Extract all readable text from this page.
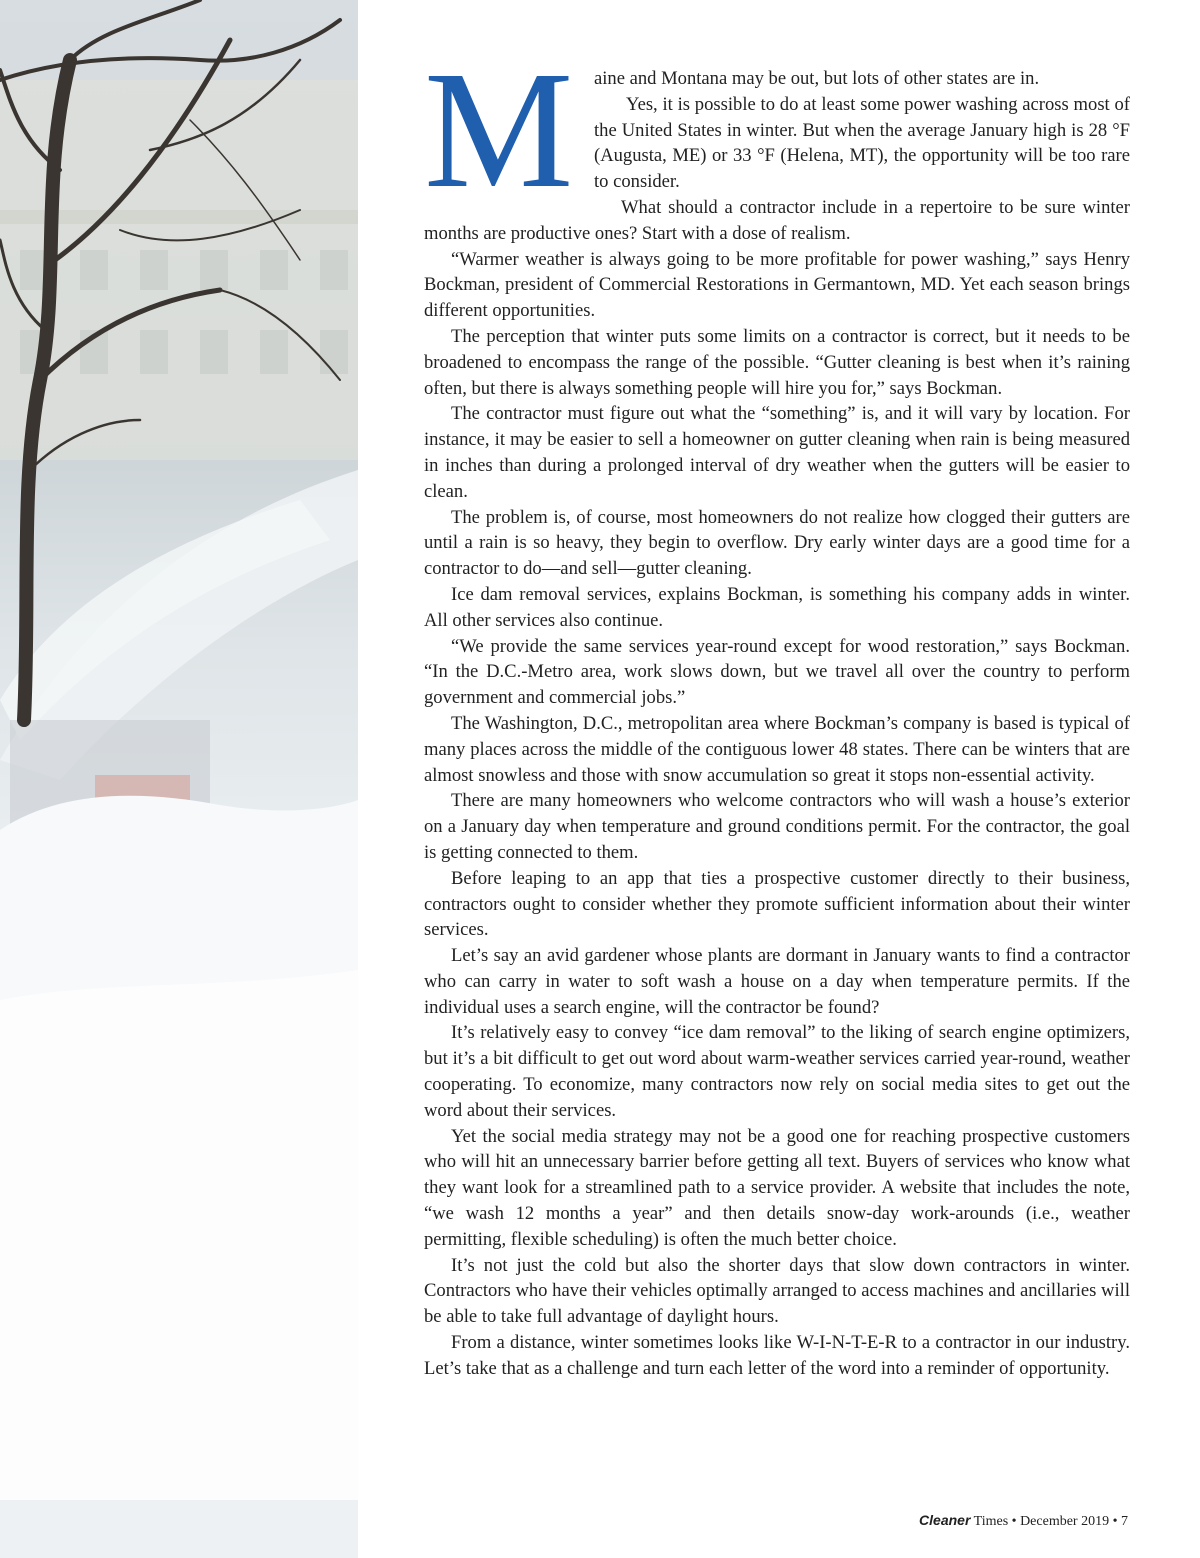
M	aine and Montana may be out, but lots of other states are in.

Yes, it is possible to do at least some power washing across most of the United States in winter. But when the average January high is 28 °F (Augusta, ME) or 33 °F (Helena, MT), the opportunity will be too rare to consider.

What should a contractor include in a repertoire to be sure winter months are productive ones? Start with a dose of realism.

“Warmer weather is always going to be more profitable for power washing,” says Henry Bockman, president of Commercial Restorations in Germantown, MD. Yet each season brings different opportunities.

The perception that winter puts some limits on a contractor is correct, but it needs to be broadened to encompass the range of the possible. “Gutter cleaning is best when it’s raining often, but there is always something people will hire you for,” says Bockman.

The contractor must figure out what the “something” is, and it will vary by location. For instance, it may be easier to sell a homeowner on gutter cleaning when rain is being measured in inches than during a prolonged interval of dry weather when the gutters will be easier to clean.

The problem is, of course, most homeowners do not realize how clogged their gutters are until a rain is so heavy, they begin to overflow. Dry early winter days are a good time for a contractor to do—and sell—gutter cleaning.

Ice dam removal services, explains Bockman, is something his company adds in winter. All other services also continue.

“We provide the same services year-round except for wood restoration,” says Bockman. “In the D.C.-Metro area, work slows down, but we travel all over the country to perform government and commercial jobs.”

The Washington, D.C., metropolitan area where Bockman’s company is based is typical of many places across the middle of the contiguous lower 48 states. There can be winters that are almost snowless and those with snow accumulation so great it stops non-essential activity.

There are many homeowners who welcome contractors who will wash a house’s exterior on a January day when temperature and ground conditions permit. For the contractor, the goal is getting connected to them.

Before leaping to an app that ties a prospective customer directly to their business, contractors ought to consider whether they promote sufficient information about their winter services.

Let’s say an avid gardener whose plants are dormant in January wants to find a contractor who can carry in water to soft wash a house on a day when temperature permits. If the individual uses a search engine, will the contractor be found?

It’s relatively easy to convey “ice dam removal” to the liking of search engine optimizers, but it’s a bit difficult to get out word about warm-weather services carried year-round, weather cooperating. To economize, many contractors now rely on social media sites to get out the word about their services.

Yet the social media strategy may not be a good one for reaching prospective customers who will hit an unnecessary barrier before getting all text. Buyers of services who know what they want look for a streamlined path to a service provider. A website that includes the note, “we wash 12 months a year” and then details snow-day work-arounds (i.e., weather permitting, flexible scheduling) is often the much better choice.

It’s not just the cold but also the shorter days that slow down contractors in winter. Contractors who have their vehicles optimally arranged to access machines and ancillaries will be able to take full advantage of daylight hours.

From a distance, winter sometimes looks like W-I-N-T-E-R to a contractor in our industry. Let’s take that as a challenge and turn each letter of the word into a reminder of opportunity.

Cleaner Times • December 2019 • 7
